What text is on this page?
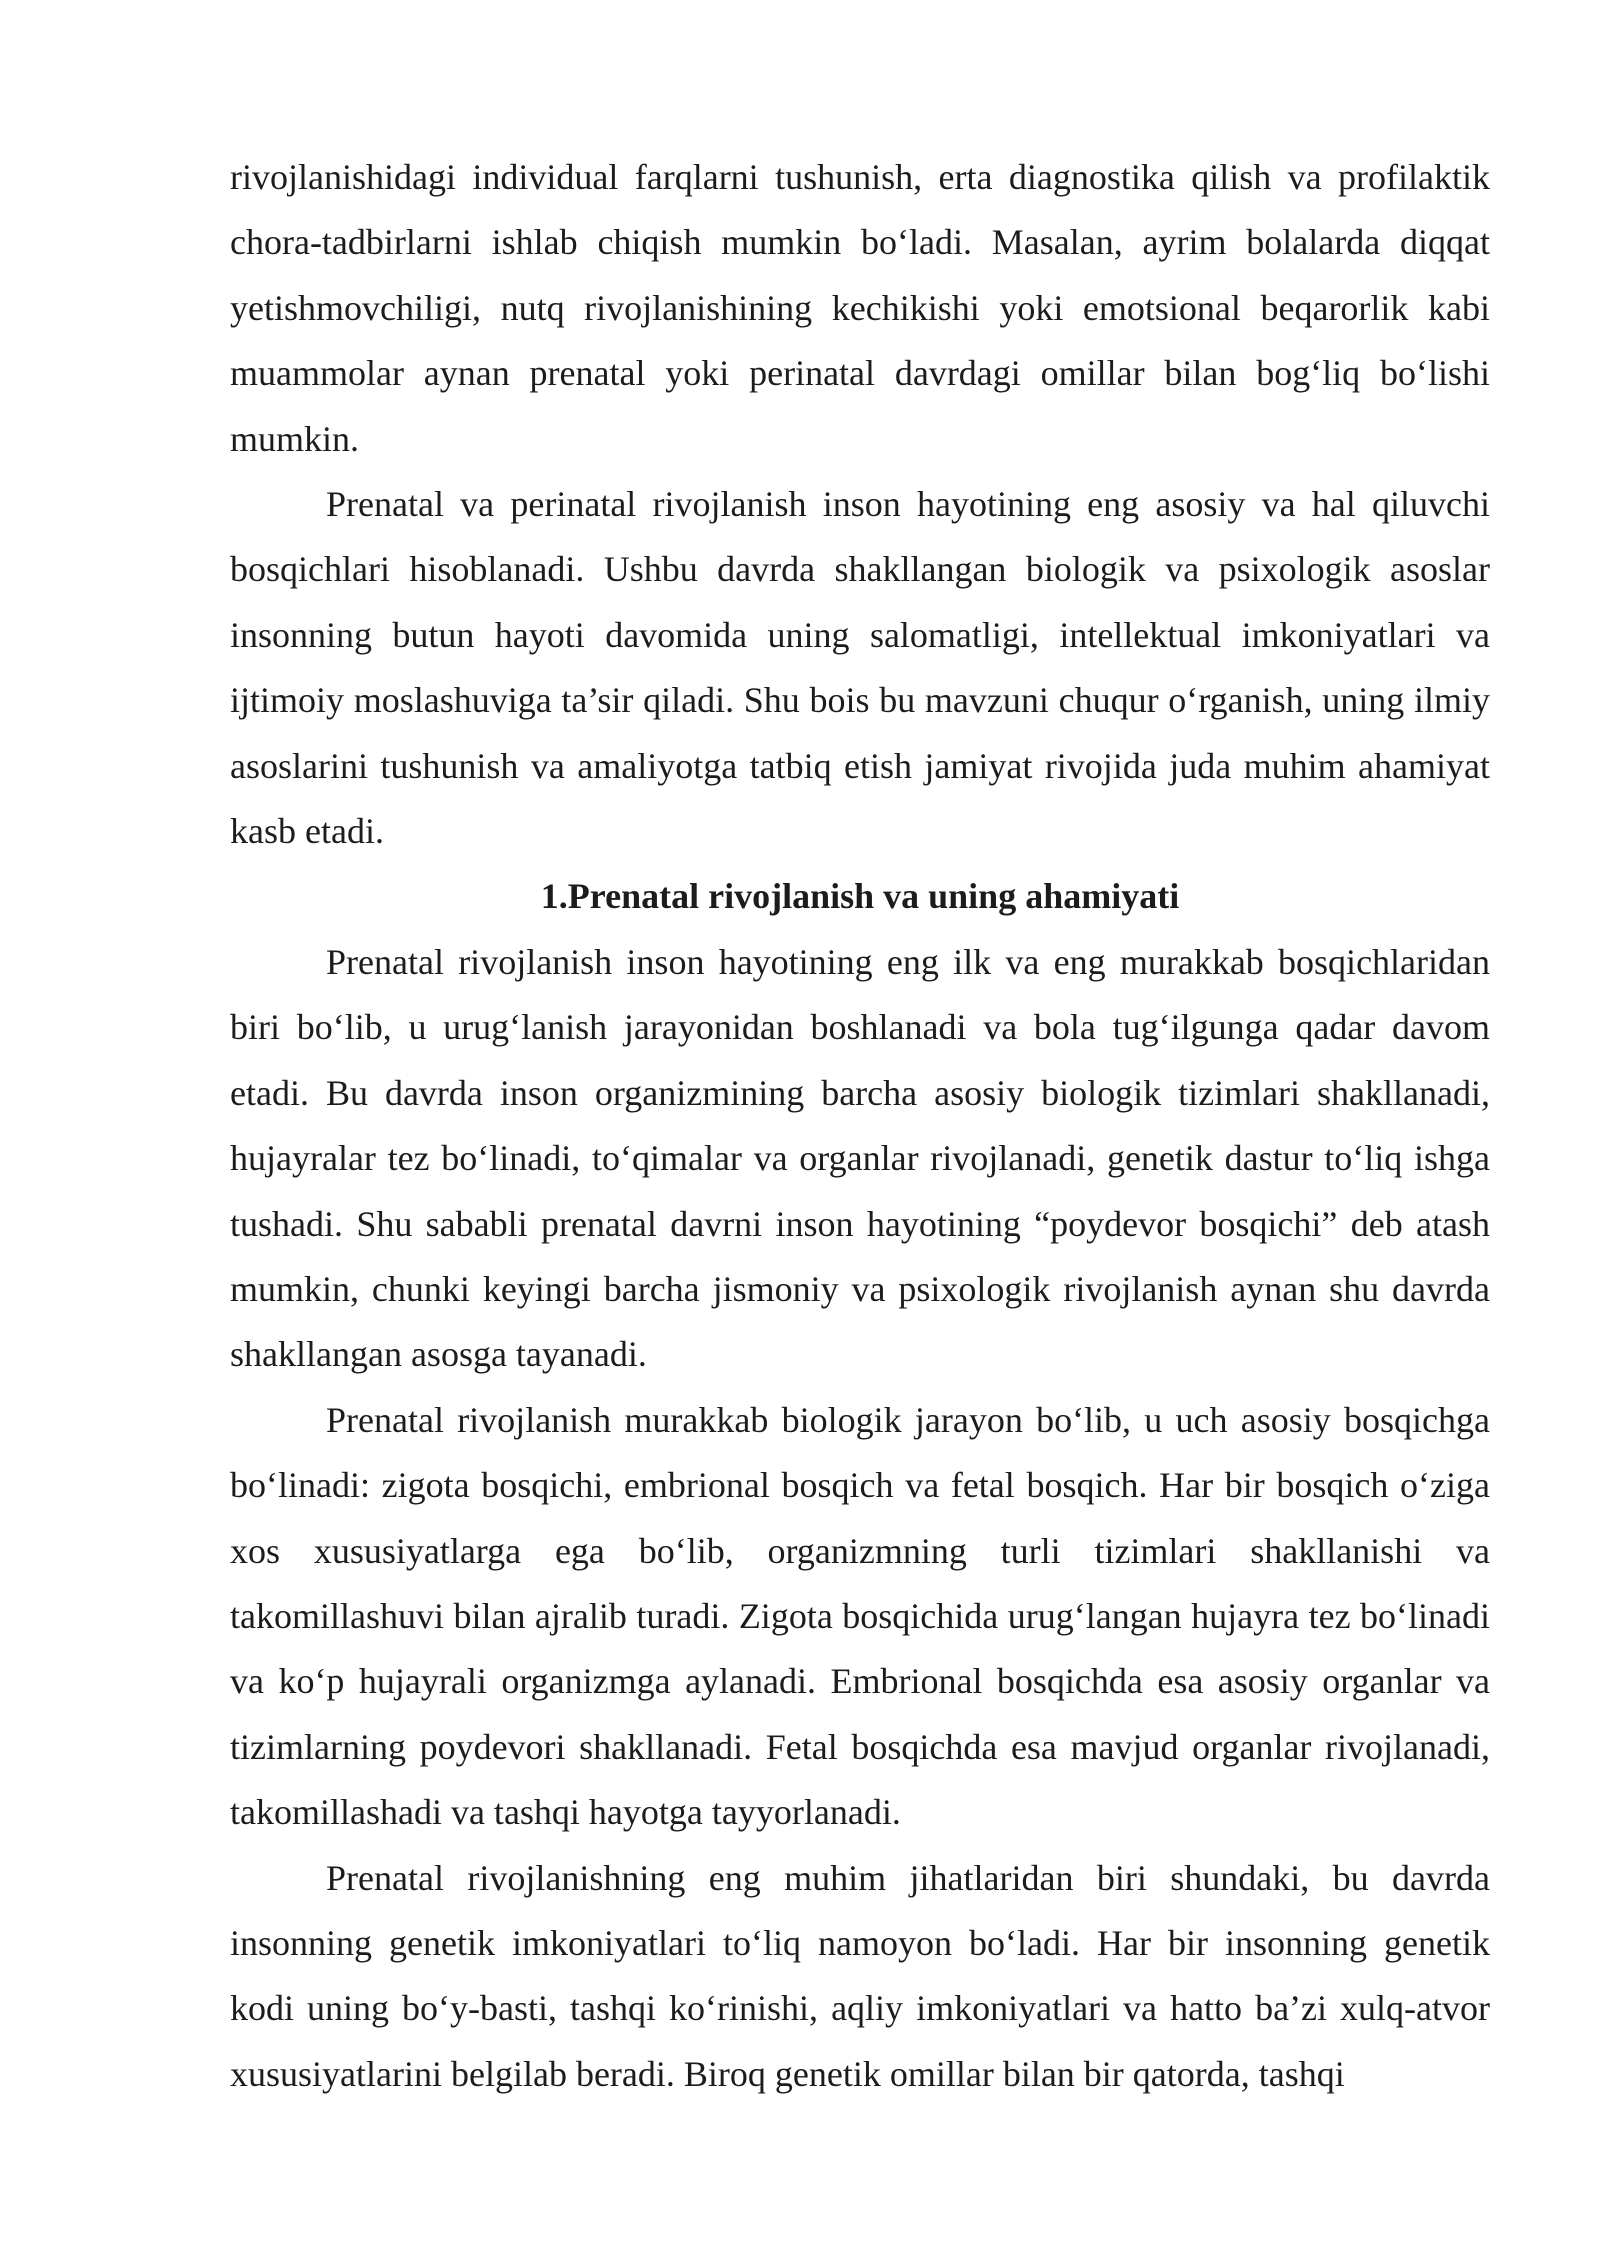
rivojlanishidagi individual farqlarni tushunish, erta diagnostika qilish va profilaktik chora-tadbirlarni ishlab chiqish mumkin bo‘ladi. Masalan, ayrim bolalarda diqqat yetishmovchiligi, nutq rivojlanishining kechikishi yoki emotsional beqarorlik kabi muammolar aynan prenatal yoki perinatal davrdagi omillar bilan bog‘liq bo‘lishi mumkin.

Prenatal va perinatal rivojlanish inson hayotining eng asosiy va hal qiluvchi bosqichlari hisoblanadi. Ushbu davrda shakllangan biologik va psixologik asoslar insonning butun hayoti davomida uning salomatligi, intellektual imkoniyatlari va ijtimoiy moslashuviga ta’sir qiladi. Shu bois bu mavzuni chuqur o‘rganish, uning ilmiy asoslarini tushunish va amaliyotga tatbiq etish jamiyat rivojida juda muhim ahamiyat kasb etadi.

1.Prenatal rivojlanish va uning ahamiyati

Prenatal rivojlanish inson hayotining eng ilk va eng murakkab bosqichlaridan biri bo‘lib, u urug‘lanish jarayonidan boshlanadi va bola tug‘ilgunga qadar davom etadi. Bu davrda inson organizmining barcha asosiy biologik tizimlari shakllanadi, hujayralar tez bo‘linadi, to‘qimalar va organlar rivojlanadi, genetik dastur to‘liq ishga tushadi. Shu sababli prenatal davrni inson hayotining “poydevor bosqichi” deb atash mumkin, chunki keyingi barcha jismoniy va psixologik rivojlanish aynan shu davrda shakllangan asosga tayanadi.

Prenatal rivojlanish murakkab biologik jarayon bo‘lib, u uch asosiy bosqichga bo‘linadi: zigota bosqichi, embrional bosqich va fetal bosqich. Har bir bosqich o‘ziga xos xususiyatlarga ega bo‘lib, organizmning turli tizimlari shakllanishi va takomillashuvi bilan ajralib turadi. Zigota bosqichida urug‘langan hujayra tez bo‘linadi va ko‘p hujayrali organizmga aylanadi. Embrional bosqichda esa asosiy organlar va tizimlarning poydevori shakllanadi. Fetal bosqichda esa mavjud organlar rivojlanadi, takomillashadi va tashqi hayotga tayyorlanadi.

Prenatal rivojlanishning eng muhim jihatlaridan biri shundaki, bu davrda insonning genetik imkoniyatlari to‘liq namoyon bo‘ladi. Har bir insonning genetik kodi uning bo‘y-basti, tashqi ko‘rinishi, aqliy imkoniyatlari va hatto ba’zi xulq-atvor xususiyatlarini belgilab beradi. Biroq genetik omillar bilan bir qatorda, tashqi
